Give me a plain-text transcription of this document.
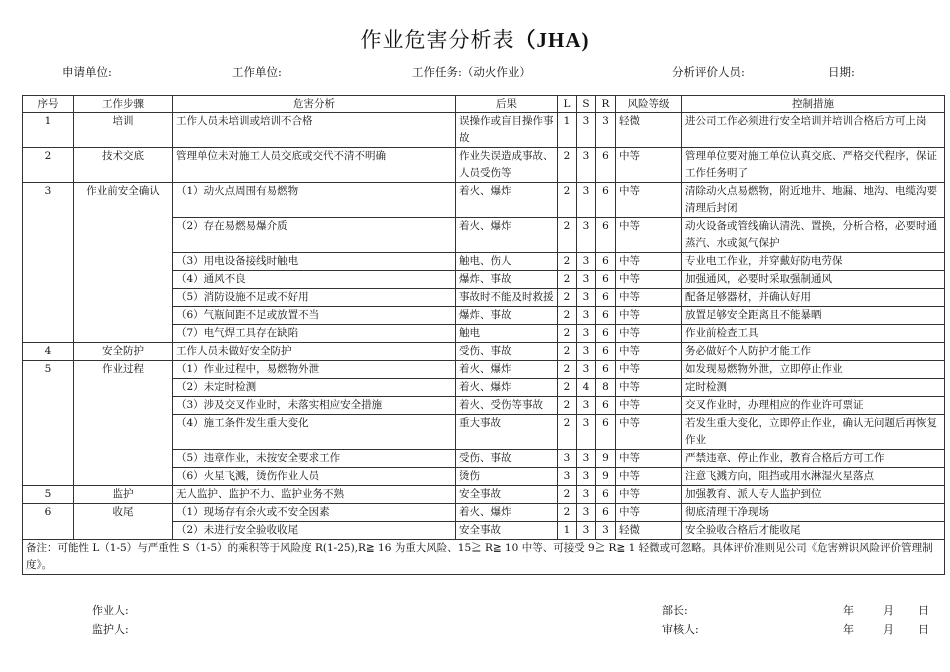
作业危害分析表（JHA)
申请单位:	工作单位:	工作任务:（动火作业）	分析评价人员:	日期:
序号	工作步骤	危害分析	后果	L	S	R	风险等级	控制措施
1	培训	工作人员未培训或培训不合格	误操作或盲目操作事故	1	3	3	轻微	进公司工作必须进行安全培训并培训合格后方可上岗
2	技术交底	管理单位未对施工人员交底或交代不清不明确	作业失误造成事故、人员受伤等	2	3	6	中等	管理单位要对施工单位认真交底、严格交代程序，保证工作任务明了
3	作业前安全确认	（1）动火点周围有易燃物	着火、爆炸	2	3	6	中等	清除动火点易燃物，附近地井、地漏、地沟、电缆沟要清理后封闭
		（2）存在易燃易爆介质	着火、爆炸	2	3	6	中等	动火设备或管线确认清洗、置换，分析合格，必要时通蒸汽、水或氮气保护
		（3）用电设备接线时触电	触电、伤人	2	3	6	中等	专业电工作业，并穿戴好防电劳保
		（4）通风不良	爆炸、事故	2	3	6	中等	加强通风，必要时采取强制通风
		（5）消防设施不足或不好用	事故时不能及时救援	2	3	6	中等	配备足够器材，并确认好用
		（6）气瓶间距不足或放置不当	爆炸、事故	2	3	6	中等	放置足够安全距离且不能暴晒
		（7）电气焊工具存在缺陷	触电	2	3	6	中等	作业前检查工具
4	安全防护	工作人员未做好安全防护	受伤、事故	2	3	6	中等	务必做好个人防护才能工作
5	作业过程	（1）作业过程中，易燃物外泄	着火、爆炸	2	3	6	中等	如发现易燃物外泄，立即停止作业
		（2）未定时检测	着火、爆炸	2	4	8	中等	定时检测
		（3）涉及交叉作业时，未落实相应安全措施	着火、受伤等事故	2	3	6	中等	交叉作业时，办理相应的作业许可票证
		（4）施工条件发生重大变化	重大事故	2	3	6	中等	若发生重大变化，立即停止作业，确认无问题后再恢复作业
		（5）违章作业，未按安全要求工作	受伤、事故	3	3	9	中等	严禁违章、停止作业，教育合格后方可工作
		（6）火星飞溅，烫伤作业人员	烫伤	3	3	9	中等	注意飞溅方向，阻挡或用水淋湿火星落点
5	监护	无人监护、监护不力、监护业务不熟	安全事故	2	3	6	中等	加强教育、派人专人监护到位
6	收尾	（1）现场存有余火或不安全因素	着火、爆炸	2	3	6	中等	彻底清理干净现场
		（2）未进行安全验收收尾	安全事故	1	3	3	轻微	安全验收合格后才能收尾
备注：可能性 L（1-5）与严重性 S（1-5）的乘积等于风险度 R(1-25),R≧ 16 为重大风险、15≧ R≧ 10 中等、可接受 9≧ R≧ 1 轻微或可忽略。具体评价准则见公司《危害辨识风险评价管理制度》。								
作业人:
监护人:
部长:
审核人:
年	月 日
年	月 日
